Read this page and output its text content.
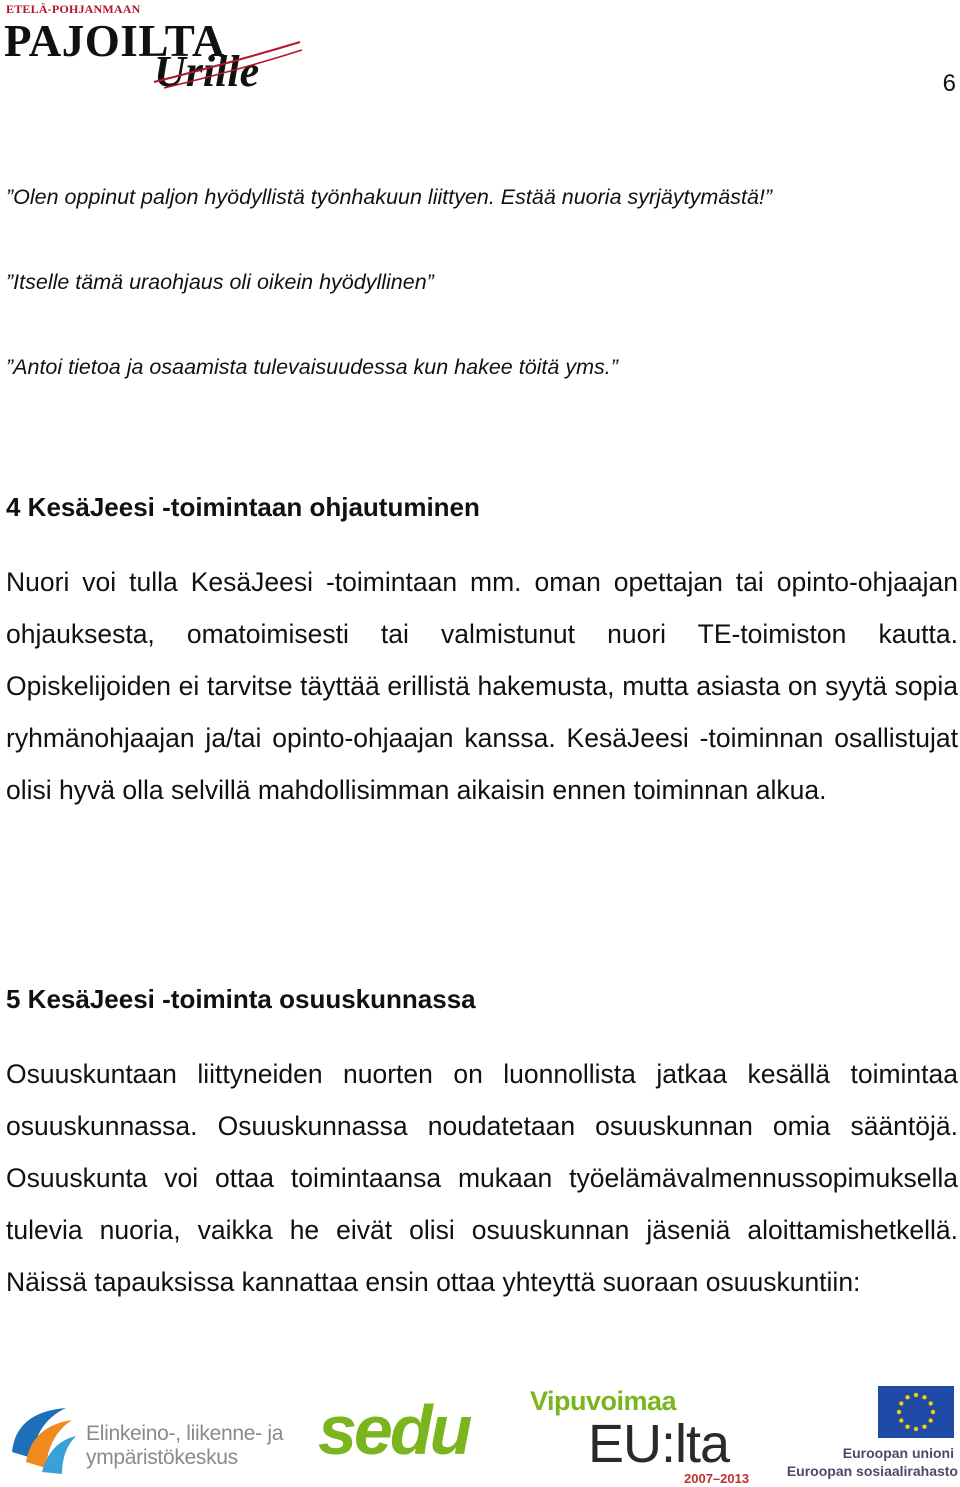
ETELÄ-POHJANMAAN
PAJOILTA
Urille	6
”Olen oppinut paljon hyödyllistä työnhakuun liittyen. Estää nuoria syrjäytymästä!”
”Itselle tämä uraohjaus oli oikein hyödyllinen”
”Antoi tietoa ja osaamista tulevaisuudessa kun hakee töitä yms.”
4 KesäJeesi -toimintaan ohjautuminen
Nuori voi tulla KesäJeesi -toimintaan mm. oman opettajan tai opinto-ohjaajan ohjauksesta, omatoimisesti tai valmistunut nuori TE-toimiston kautta. Opiskelijoiden ei tarvitse täyttää erillistä hakemusta, mutta asiasta on syytä sopia ryhmänohjaajan ja/tai opinto-ohjaajan kanssa. KesäJeesi -toiminnan osallistujat olisi hyvä olla selvillä mahdollisimman aikaisin ennen toiminnan alkua.
5 KesäJeesi -toiminta osuuskunnassa
Osuuskuntaan liittyneiden nuorten on luonnollista jatkaa kesällä toimintaa osuuskunnassa. Osuuskunnassa noudatetaan osuuskunnan omia sääntöjä. Osuuskunta voi ottaa toimintaansa mukaan työelämävalmennussopimuksella tulevia nuoria, vaikka he eivät olisi osuuskunnan jäseniä aloittamishetkellä. Näissä tapauksissa kannattaa ensin ottaa yhteyttä suoraan osuuskuntiin:
Elinkeino-, liikenne- ja
ympäristökeskus	sedu	Vipuvoimaa
EU:lta
2007–2013
Euroopan unioni
Euroopan sosiaalirahasto
